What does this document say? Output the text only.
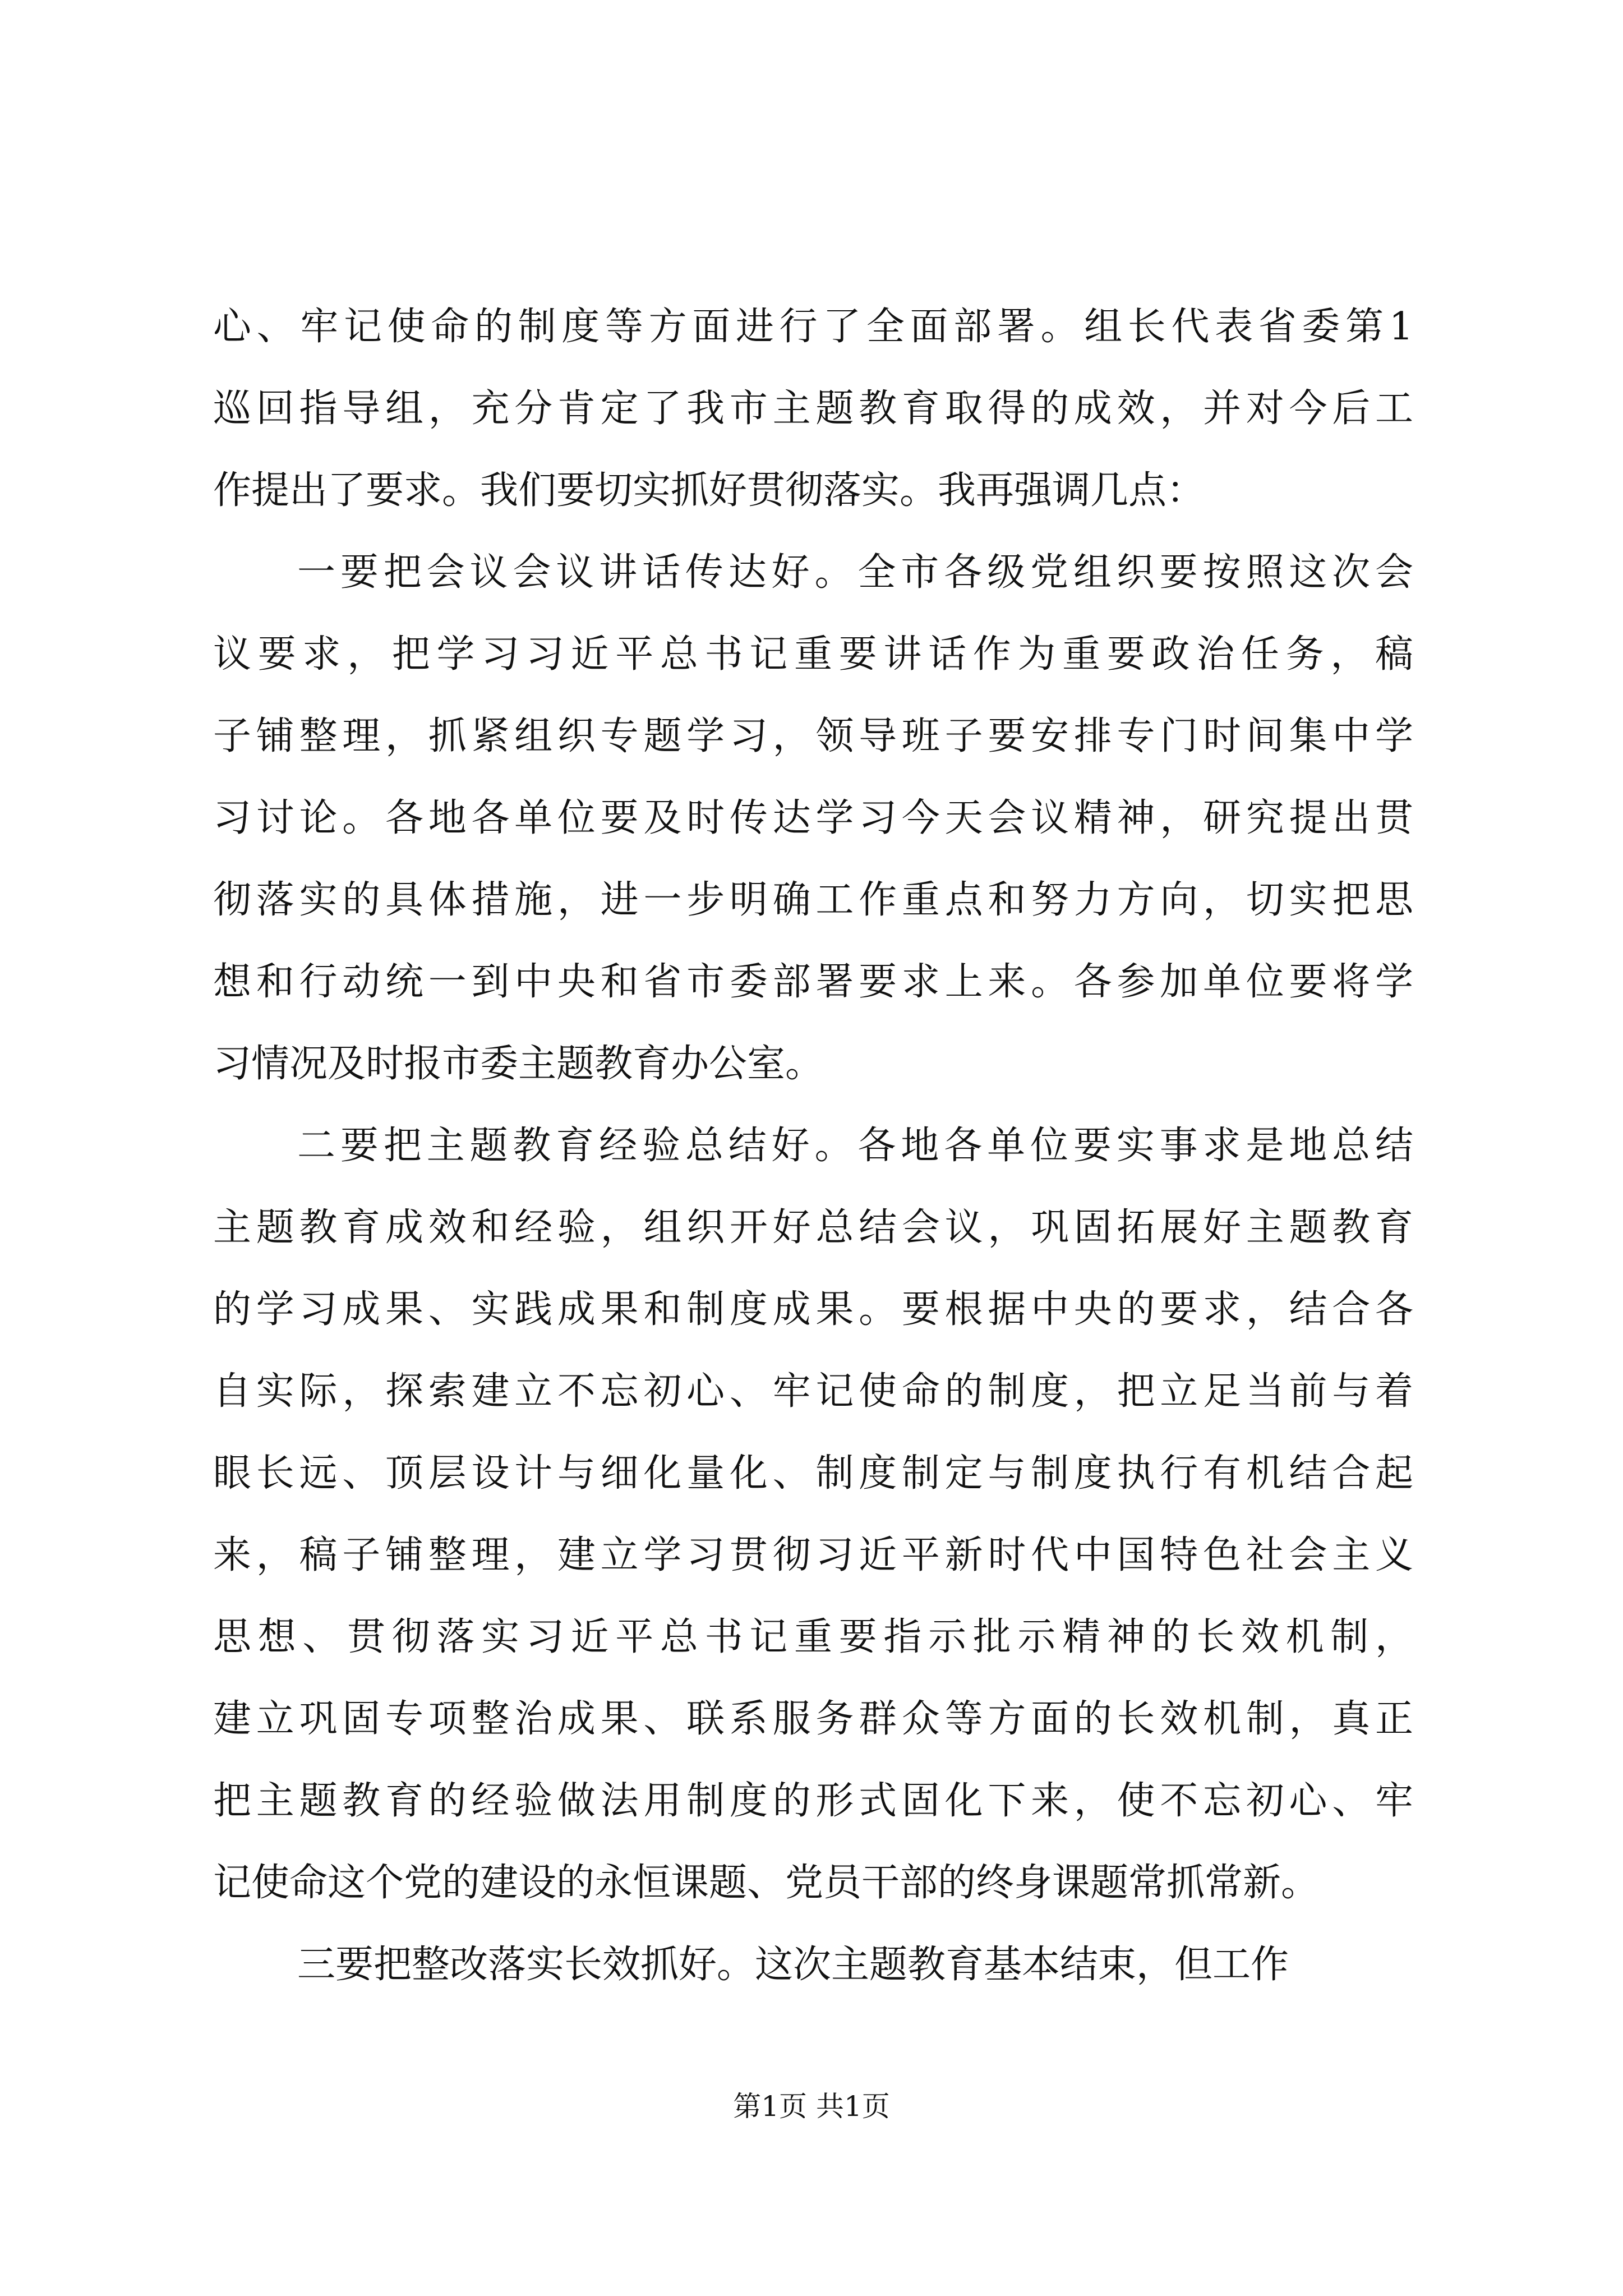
心、牢记使命的制度等方面进行了全面部署。组长代表省委第1
巡回指导组，充分肯定了我市主题教育取得的成效，并对今后工
作提出了要求。我们要切实抓好贯彻落实。我再强调几点：
一要把会议会议讲话传达好。全市各级党组织要按照这次会
议要求，把学习习近平总书记重要讲话作为重要政治任务，稿
子铺整理，抓紧组织专题学习，领导班子要安排专门时间集中学
习讨论。各地各单位要及时传达学习今天会议精神，研究提出贯
彻落实的具体措施，进一步明确工作重点和努力方向，切实把思
想和行动统一到中央和省市委部署要求上来。各参加单位要将学
习情况及时报市委主题教育办公室。
二要把主题教育经验总结好。各地各单位要实事求是地总结
主题教育成效和经验，组织开好总结会议，巩固拓展好主题教育
的学习成果、实践成果和制度成果。要根据中央的要求，结合各
自实际，探索建立不忘初心、牢记使命的制度，把立足当前与着
眼长远、顶层设计与细化量化、制度制定与制度执行有机结合起
来，稿子铺整理，建立学习贯彻习近平新时代中国特色社会主义
思想、贯彻落实习近平总书记重要指示批示精神的长效机制，
建立巩固专项整治成果、联系服务群众等方面的长效机制，真正
把主题教育的经验做法用制度的形式固化下来，使不忘初心、牢
记使命这个党的建设的永恒课题、党员干部的终身课题常抓常新。
三要把整改落实长效抓好。这次主题教育基本结束，但工作
第1页 共1页
